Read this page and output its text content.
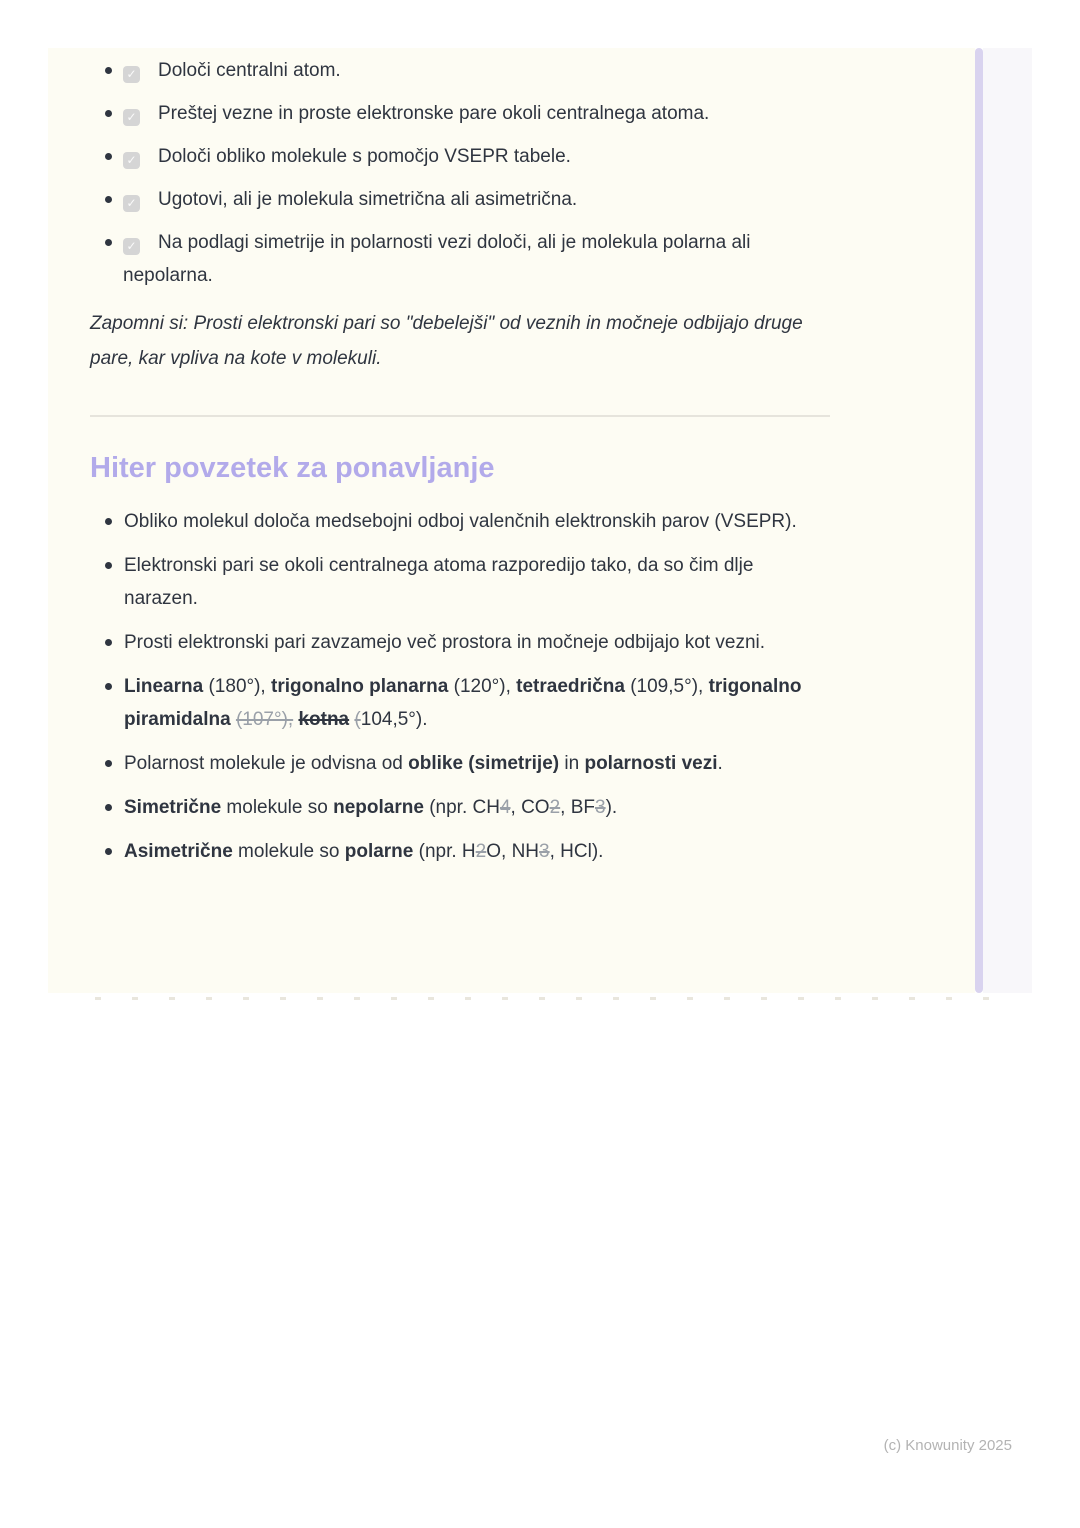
✓ Določi centralni atom.
✓ Preštej vezne in proste elektronske pare okoli centralnega atoma.
✓ Določi obliko molekule s pomočjo VSEPR tabele.
✓ Ugotovi, ali je molekula simetrična ali asimetrična.
✓ Na podlagi simetrije in polarnosti vezi določi, ali je molekula polarna ali nepolarna.

Zapomni si: Prosti elektronski pari so "debelejši" od veznih in močneje odbijajo druge pare, kar vpliva na kote v molekuli.

Hiter povzetek za ponavljanje
Obliko molekul določa medsebojni odboj valenčnih elektronskih parov (VSEPR).
Elektronski pari se okoli centralnega atoma razporedijo tako, da so čim dlje narazen.
Prosti elektronski pari zavzamejo več prostora in močneje odbijajo kot vezni.
Linearna (180°), trigonalno planarna (120°), tetraedrična (109,5°), trigonalno piramidalna (107°), kotna (104,5°).
Polarnost molekule je odvisna od oblike (simetrije) in polarnosti vezi.
Simetrične molekule so nepolarne (npr. CH4, CO2, BF3).
Asimetrične molekule so polarne (npr. H2O, NH3, HCl).
(c) Knowunity 2025
